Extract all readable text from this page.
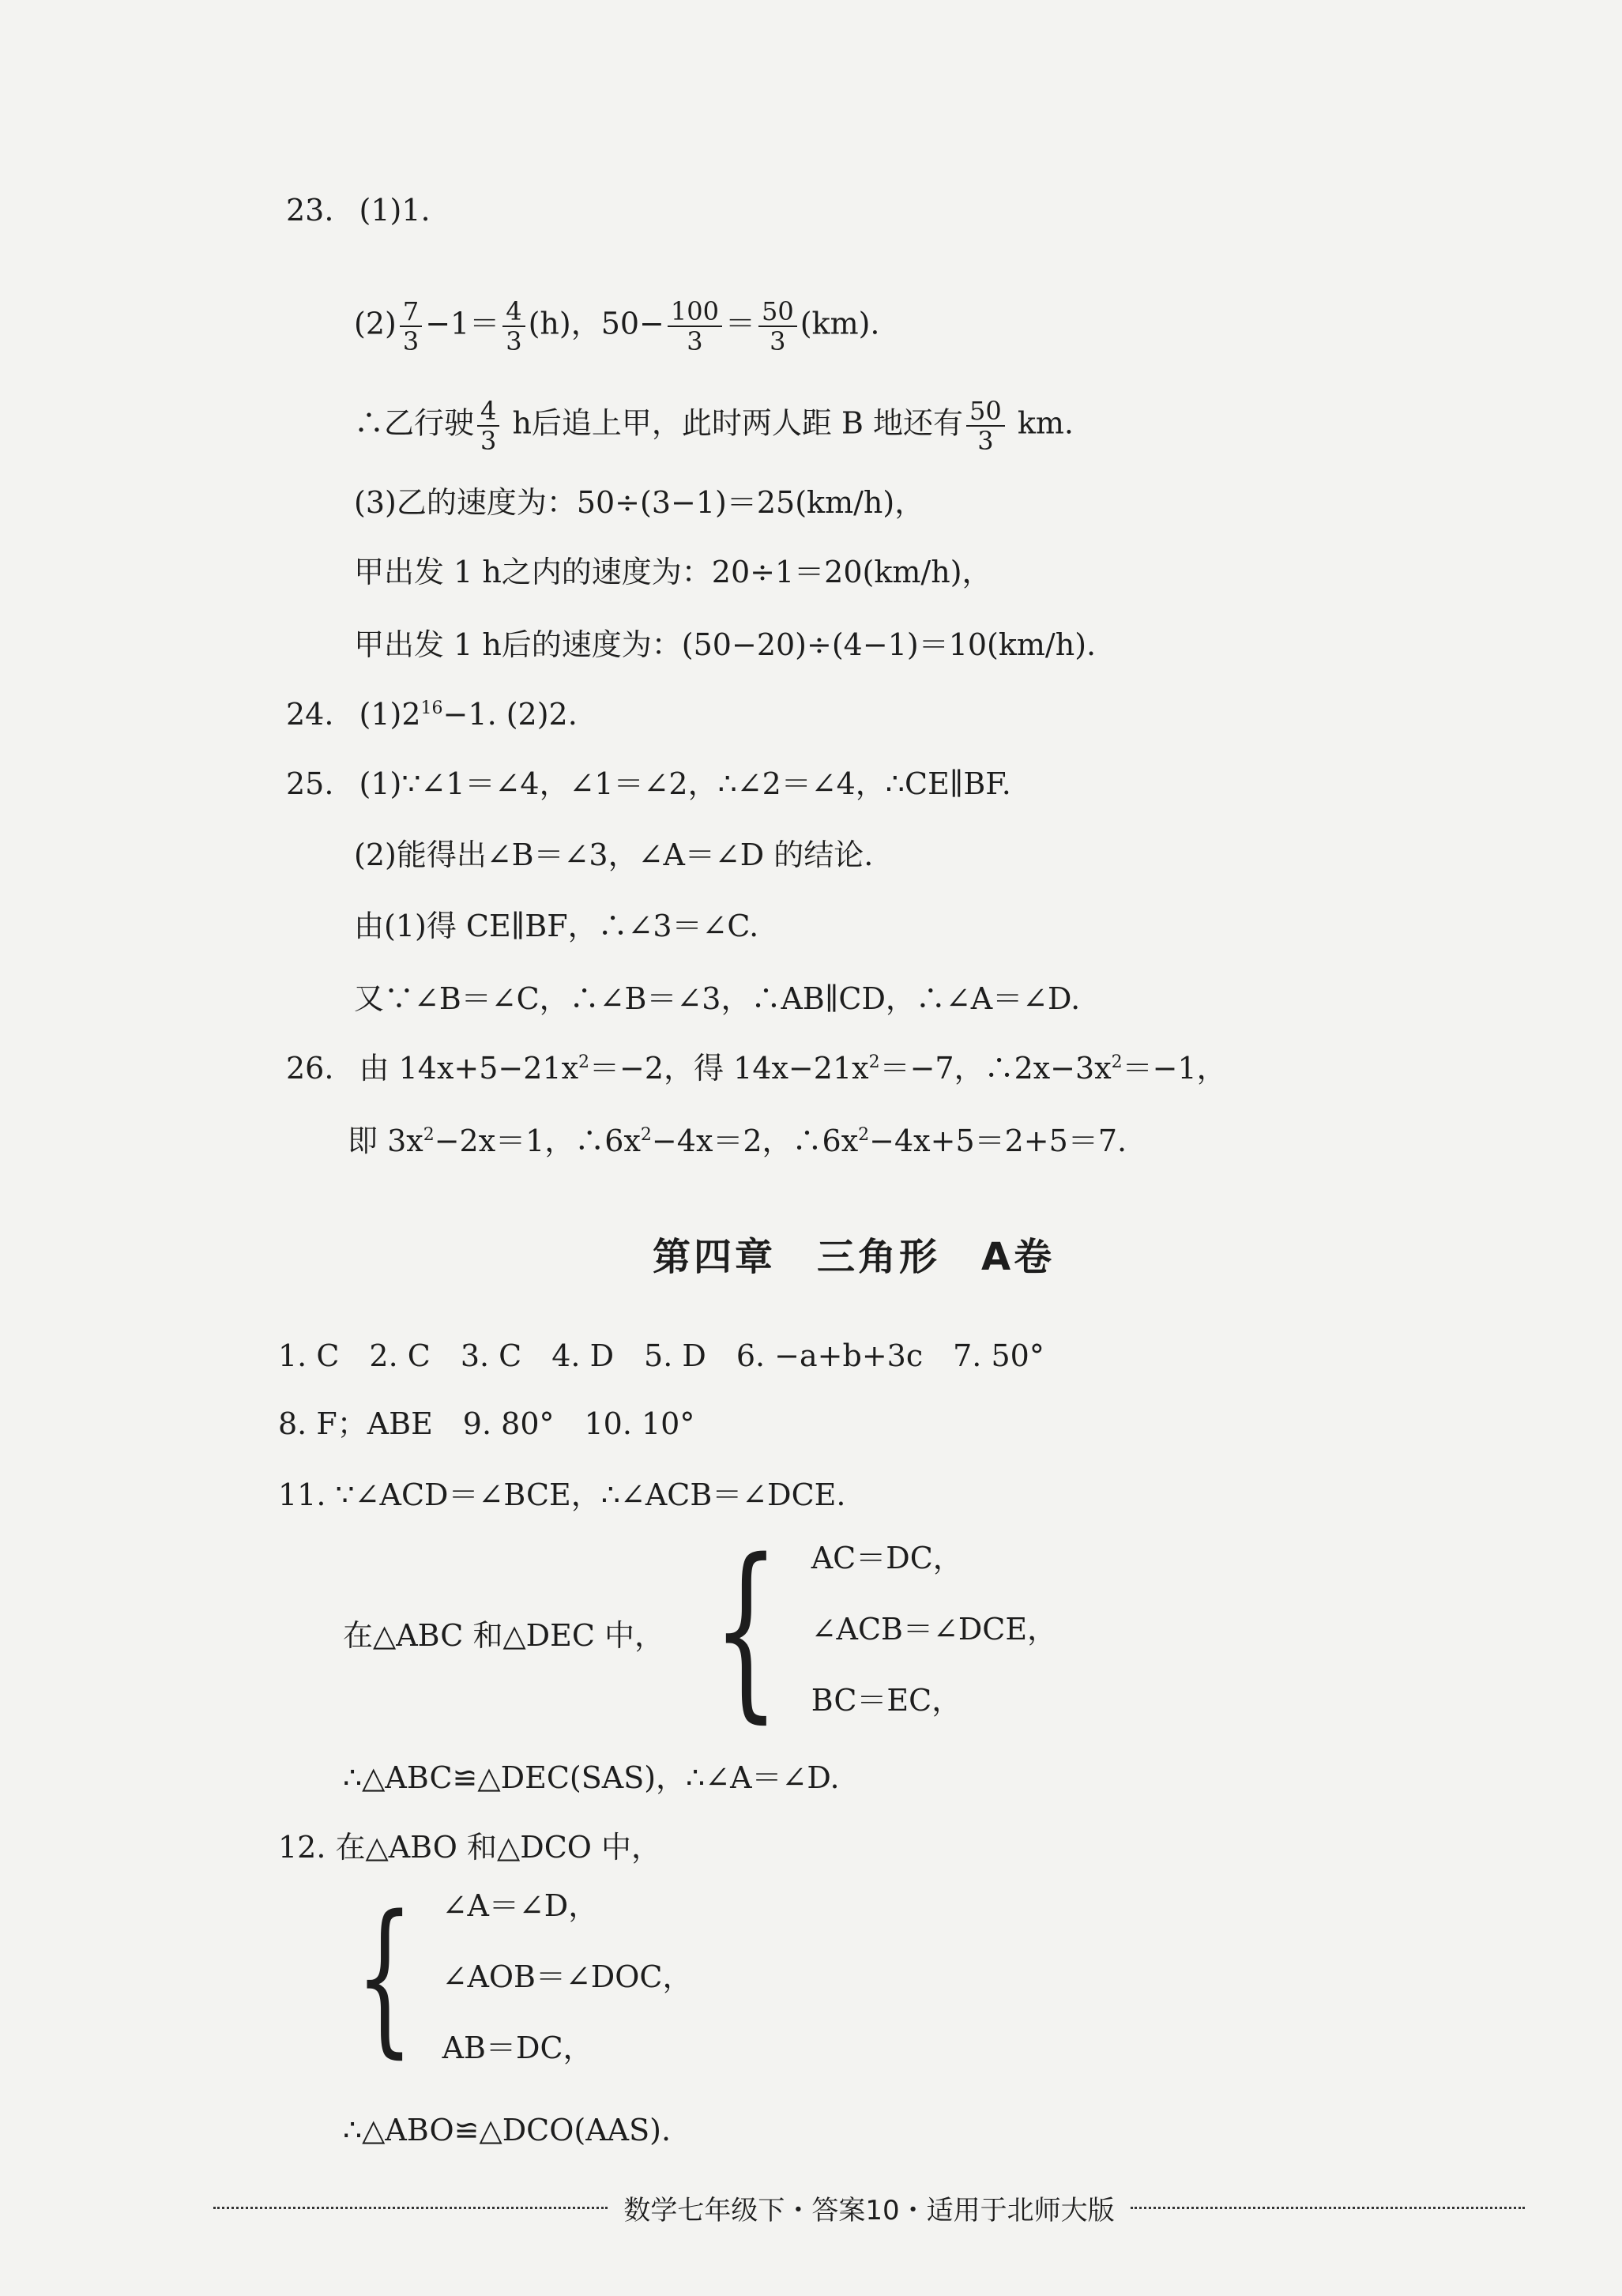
23. (1)1.
$(2) \frac{7}{3} -1= \frac{4}{3} (h)$，$50- \frac{100}{3} = \frac{50}{3} (km)$.
∴乙行驶 $\frac{4}{3}$ h后追上甲，此时两人距 B 地还有 $\frac{50}{3}$ km.
(3)乙的速度为：50÷(3−1)＝25(km/h)，
甲出发 1 h之内的速度为：20÷1＝20(km/h)，
甲出发 1 h后的速度为：(50−20)÷(4−1)＝10(km/h).
24. $(1)2^{16}-1$. (2)2.
25. (1)∵∠1＝∠4，∠1＝∠2，∴∠2＝∠4，∴CE∥BF.
(2)能得出∠B＝∠3，∠A＝∠D 的结论.
由(1)得 CE∥BF，∴∠3＝∠C.
又∵∠B＝∠C，∴∠B＝∠3，∴AB∥CD，∴∠A＝∠D.
26. 由 $14x+5-21x^2=-2$，得 $14x-21x^2=-7$，$\therefore 2x-3x^2=-1$，
即 $3x^2-2x=1$，$\therefore 6x^2-4x=2$，$\therefore 6x^2-4x+5=2+5=7$.
第四章　三角形　A卷
1. C　2. C　3. C　4. D　5. D　6. −a+b+3c　7. 50°
8. F；ABE　9. 80°　10. 10°
11. ∵∠ACD＝∠BCE，∴∠ACB＝∠DCE.
在△ABC 和△DEC 中， { AC＝DC，
∠ACB＝∠DCE，
BC＝EC，
∴△ABC≌△DEC(SAS)，∴∠A＝∠D.
12. 在△ABO 和△DCO 中，
{ ∠A＝∠D，
∠AOB＝∠DOC，
AB＝DC，
∴△ABO≌△DCO(AAS).
数学七年级下・答案10・适用于北师大版
